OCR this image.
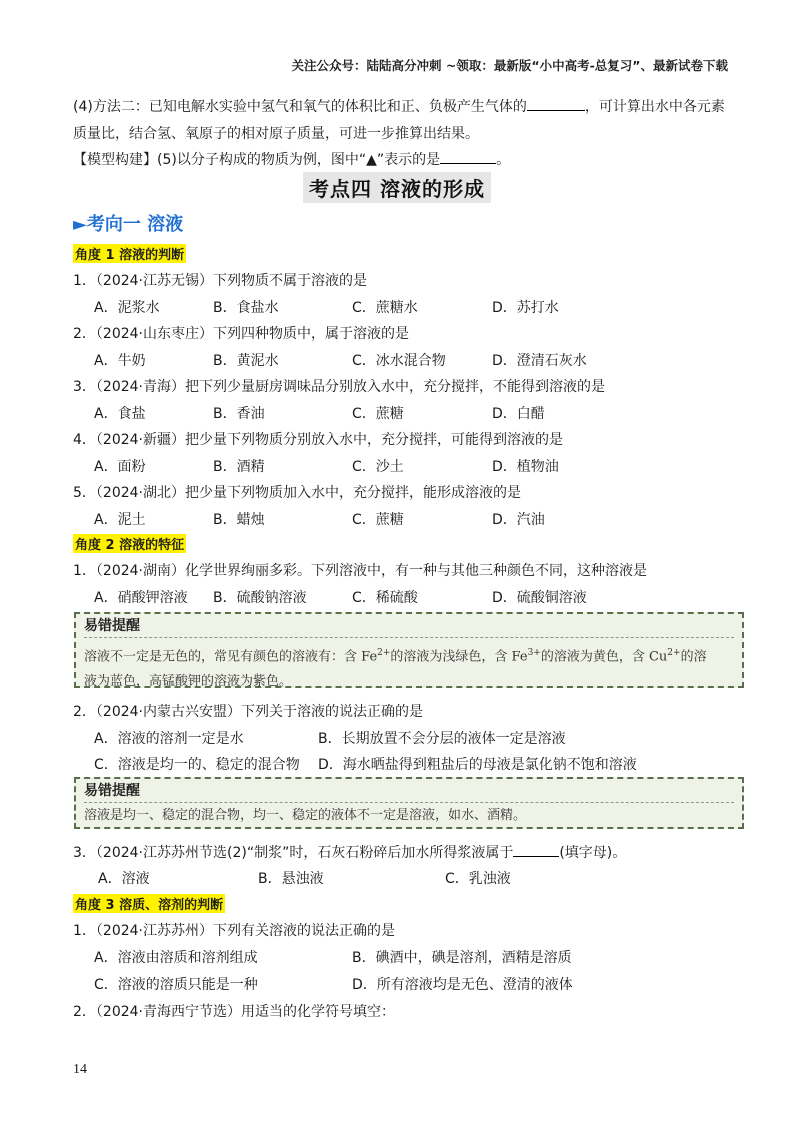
关注公众号：陆陆高分冲刺 ~领取：最新版“小中高考-总复习”、最新试卷下载
(4)方法二：已知电解水实验中氢气和氧气的体积比和正、负极产生气体的	，可计算出水中各元素
质量比，结合氢、氧原子的相对原子质量，可进一步推算出结果。
【模型构建】(5)以分子构成的物质为例，图中“▲”表示的是	。
考点四 溶液的形成
►考向一 溶液
角度 1 溶液的判断
1．（2024·江苏无锡）下列物质不属于溶液的是
A．泥浆水	B．食盐水	C．蔗糖水	D．苏打水
2．（2024·山东枣庄）下列四种物质中，属于溶液的是
A．牛奶	B．黄泥水	C．冰水混合物	D．澄清石灰水
3．（2024·青海）把下列少量厨房调味品分别放入水中，充分搅拌，不能得到溶液的是
A．食盐	B．香油	C．蔗糖	D．白醋
4．（2024·新疆）把少量下列物质分别放入水中，充分搅拌，可能得到溶液的是
A．面粉	B．酒精	C．沙土	D．植物油
5．（2024·湖北）把少量下列物质加入水中，充分搅拌，能形成溶液的是
A．泥土	B．蜡烛	C．蔗糖	D．汽油
角度 2 溶液的特征
1．（2024·湖南）化学世界绚丽多彩。下列溶液中，有一种与其他三种颜色不同，这种溶液是
A．硝酸钾溶液 B．硫酸钠溶液	C．稀硫酸	D．硫酸铜溶液
易错提醒
溶液不一定是无色的，常见有颜色的溶液有：含 $Fe^{2+}$的溶液为浅绿色，含 $Fe^{3+}$的溶液为黄色，含 $Cu^{2+}$的溶
液为蓝色，高锰酸钾的溶液为紫色。
2．（2024·内蒙古兴安盟）下列关于溶液的说法正确的是
A．溶液的溶剂一定是水	B．长期放置不会分层的液体一定是溶液
C．溶液是均一的、稳定的混合物 D．海水晒盐得到粗盐后的母液是氯化钠不饱和溶液
易错提醒
溶液是均一、稳定的混合物，均一、稳定的液体不一定是溶液，如水、酒精。
3．（2024·江苏苏州节选(2)“制浆”时，石灰石粉碎后加水所得浆液属于	(填字母)。
A．溶液	B．悬浊液	C．乳浊液
角度 3 溶质、溶剂的判断
1．（2024·江苏苏州）下列有关溶液的说法正确的是
A．溶液由溶质和溶剂组成	B．碘酒中，碘是溶剂，酒精是溶质
C．溶液的溶质只能是一种	D．所有溶液均是无色、澄清的液体
2．（2024·青海西宁节选）用适当的化学符号填空：
14
